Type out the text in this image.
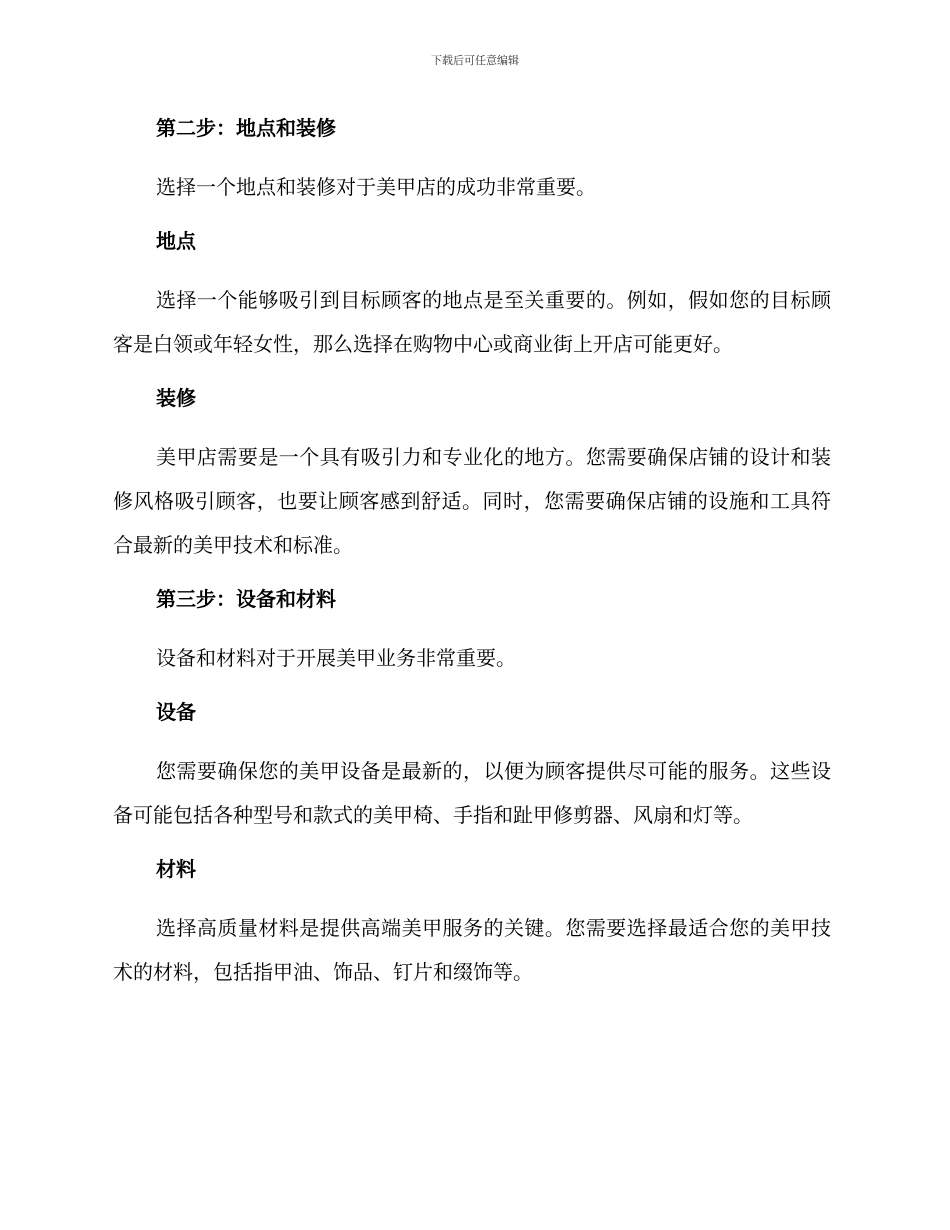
下载后可任意编辑
第二步：地点和装修
选择一个地点和装修对于美甲店的成功非常重要。
地点
选择一个能够吸引到目标顾客的地点是至关重要的。例如，假如您的目标顾客是白领或年轻女性，那么选择在购物中心或商业街上开店可能更好。
装修
美甲店需要是一个具有吸引力和专业化的地方。您需要确保店铺的设计和装修风格吸引顾客，也要让顾客感到舒适。同时，您需要确保店铺的设施和工具符合最新的美甲技术和标准。
第三步：设备和材料
设备和材料对于开展美甲业务非常重要。
设备
您需要确保您的美甲设备是最新的，以便为顾客提供尽可能的服务。这些设备可能包括各种型号和款式的美甲椅、手指和趾甲修剪器、风扇和灯等。
材料
选择高质量材料是提供高端美甲服务的关键。您需要选择最适合您的美甲技术的材料，包括指甲油、饰品、钉片和缀饰等。
